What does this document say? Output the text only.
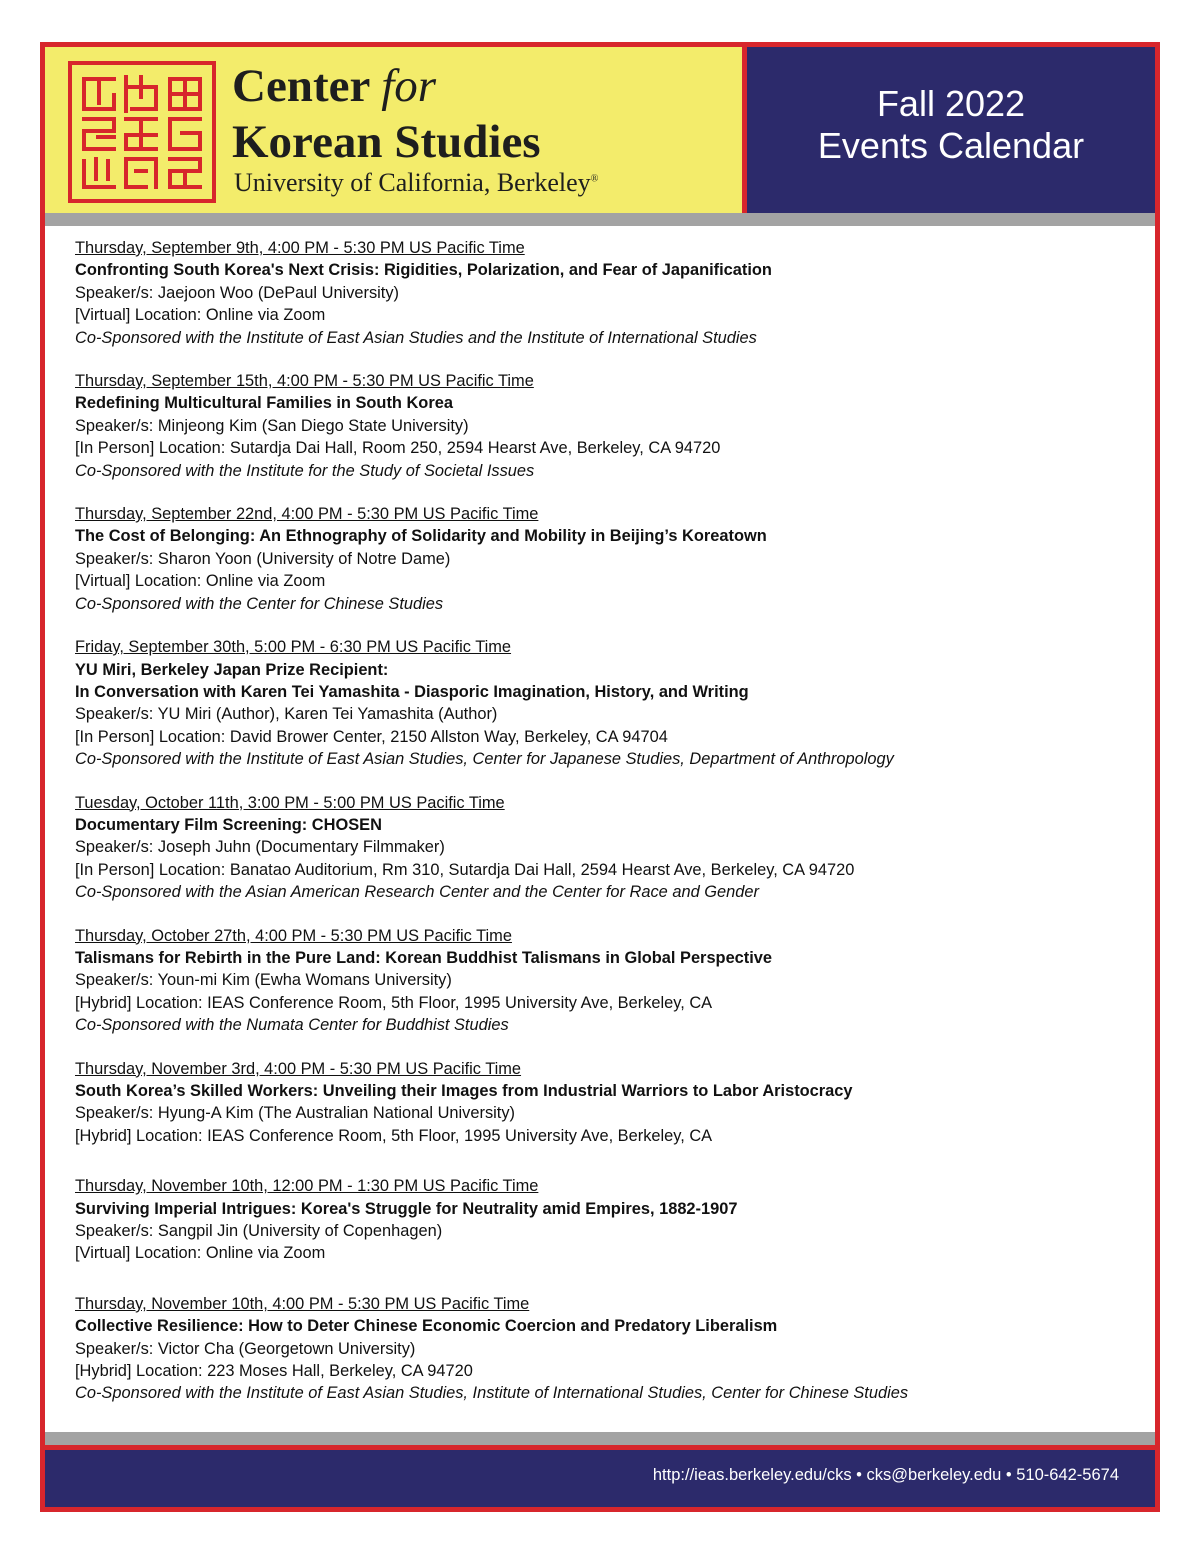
Center for
Korean Studies
University of California, Berkeley®
Fall 2022
Events Calendar
Thursday, September 9th, 4:00 PM - 5:30 PM US Pacific Time
Confronting South Korea's Next Crisis: Rigidities, Polarization, and Fear of Japanification
Speaker/s: Jaejoon Woo (DePaul University)
[Virtual] Location: Online via Zoom
Co-Sponsored with the Institute of East Asian Studies and the Institute of International Studies
Thursday, September 15th, 4:00 PM - 5:30 PM US Pacific Time
Redefining Multicultural Families in South Korea
Speaker/s: Minjeong Kim (San Diego State University)
[In Person] Location: Sutardja Dai Hall, Room 250, 2594 Hearst Ave, Berkeley, CA 94720
Co-Sponsored with the Institute for the Study of Societal Issues
Thursday, September 22nd, 4:00 PM - 5:30 PM US Pacific Time
The Cost of Belonging: An Ethnography of Solidarity and Mobility in Beijing’s Koreatown
Speaker/s: Sharon Yoon (University of Notre Dame)
[Virtual] Location: Online via Zoom
Co-Sponsored with the Center for Chinese Studies
Friday, September 30th, 5:00 PM - 6:30 PM US Pacific Time
YU Miri, Berkeley Japan Prize Recipient:
In Conversation with Karen Tei Yamashita - Diasporic Imagination, History, and Writing
Speaker/s: YU Miri (Author), Karen Tei Yamashita (Author)
[In Person] Location: David Brower Center, 2150 Allston Way, Berkeley, CA 94704
Co-Sponsored with the Institute of East Asian Studies, Center for Japanese Studies, Department of Anthropology
Tuesday, October 11th, 3:00 PM - 5:00 PM US Pacific Time
Documentary Film Screening: CHOSEN
Speaker/s: Joseph Juhn (Documentary Filmmaker)
[In Person] Location: Banatao Auditorium, Rm 310, Sutardja Dai Hall, 2594 Hearst Ave, Berkeley, CA 94720
Co-Sponsored with the Asian American Research Center and the Center for Race and Gender
Thursday, October 27th, 4:00 PM - 5:30 PM US Pacific Time
Talismans for Rebirth in the Pure Land: Korean Buddhist Talismans in Global Perspective
Speaker/s: Youn-mi Kim (Ewha Womans University)
[Hybrid] Location: IEAS Conference Room, 5th Floor, 1995 University Ave, Berkeley, CA
Co-Sponsored with the Numata Center for Buddhist Studies
Thursday, November 3rd, 4:00 PM - 5:30 PM US Pacific Time
South Korea’s Skilled Workers: Unveiling their Images from Industrial Warriors to Labor Aristocracy
Speaker/s: Hyung-A Kim (The Australian National University)
[Hybrid] Location: IEAS Conference Room, 5th Floor, 1995 University Ave, Berkeley, CA
Thursday, November 10th, 12:00 PM - 1:30 PM US Pacific Time
Surviving Imperial Intrigues: Korea's Struggle for Neutrality amid Empires, 1882-1907
Speaker/s: Sangpil Jin (University of Copenhagen)
[Virtual] Location: Online via Zoom
Thursday, November 10th, 4:00 PM - 5:30 PM US Pacific Time
Collective Resilience: How to Deter Chinese Economic Coercion and Predatory Liberalism
Speaker/s: Victor Cha (Georgetown University)
[Hybrid] Location: 223 Moses Hall, Berkeley, CA 94720
Co-Sponsored with the Institute of East Asian Studies, Institute of International Studies, Center for Chinese Studies
http://ieas.berkeley.edu/cks • cks@berkeley.edu • 510-642-5674
